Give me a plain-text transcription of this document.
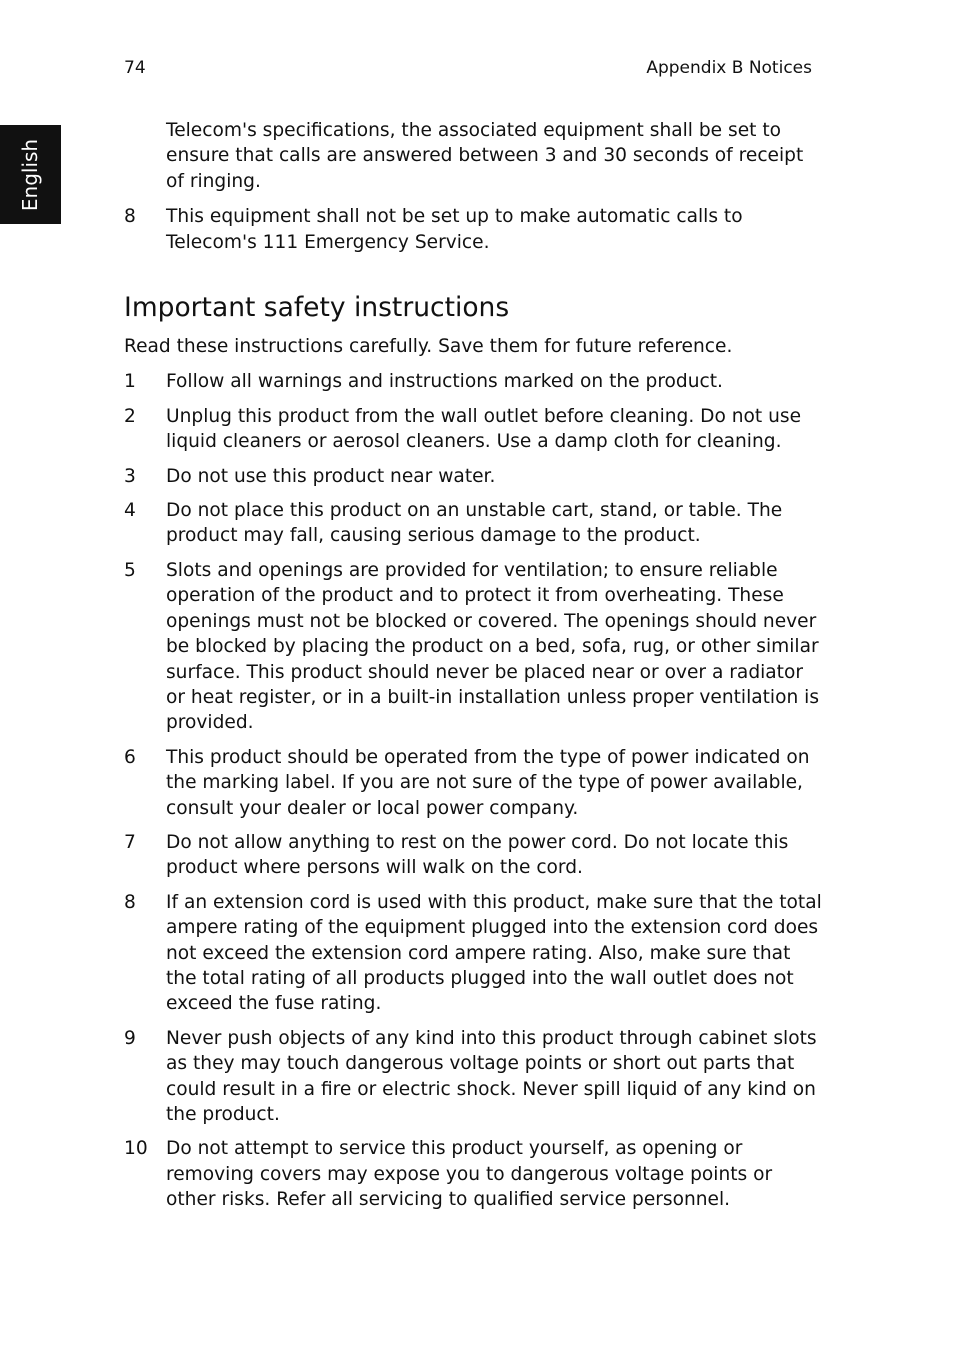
74	Appendix B Notices
English
Telecom's specifications, the associated equipment shall be set to ensure that calls are answered between 3 and 30 seconds of receipt of ringing.
8	This equipment shall not be set up to make automatic calls to Telecom's 111 Emergency Service.
Important safety instructions
Read these instructions carefully. Save them for future reference.
1	Follow all warnings and instructions marked on the product.
2	Unplug this product from the wall outlet before cleaning. Do not use liquid cleaners or aerosol cleaners. Use a damp cloth for cleaning.
3	Do not use this product near water.
4	Do not place this product on an unstable cart, stand, or table. The product may fall, causing serious damage to the product.
5	Slots and openings are provided for ventilation; to ensure reliable operation of the product and to protect it from overheating. These openings must not be blocked or covered. The openings should never be blocked by placing the product on a bed, sofa, rug, or other similar surface. This product should never be placed near or over a radiator or heat register, or in a built-in installation unless proper ventilation is provided.
6	This product should be operated from the type of power indicated on the marking label. If you are not sure of the type of power available, consult your dealer or local power company.
7	Do not allow anything to rest on the power cord. Do not locate this product where persons will walk on the cord.
8	If an extension cord is used with this product, make sure that the total ampere rating of the equipment plugged into the extension cord does not exceed the extension cord ampere rating. Also, make sure that the total rating of all products plugged into the wall outlet does not exceed the fuse rating.
9	Never push objects of any kind into this product through cabinet slots as they may touch dangerous voltage points or short out parts that could result in a fire or electric shock. Never spill liquid of any kind on the product.
10 Do not attempt to service this product yourself, as opening or removing covers may expose you to dangerous voltage points or other risks. Refer all servicing to qualified service personnel.
